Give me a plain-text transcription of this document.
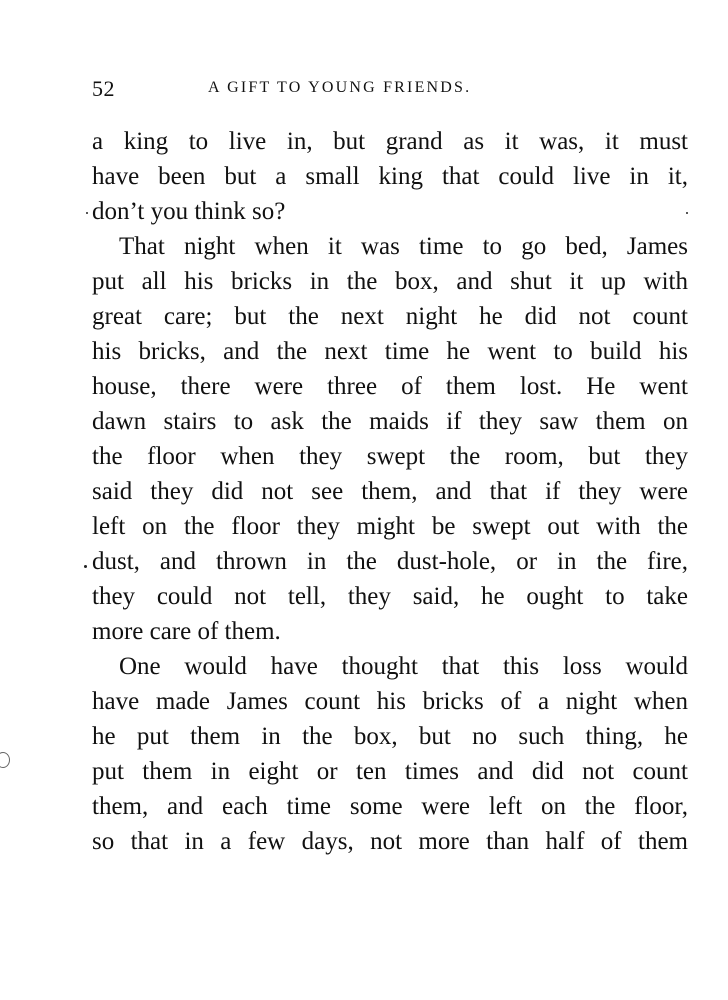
52	A GIFT TO YOUNG FRIENDS.
a king to live in, but grand as it was, it must
have been but a small king that could live in it,
don’t you think so?
That night when it was time to go bed, James
put all his bricks in the box, and shut it up with
great care; but the next night he did not count
his bricks, and the next time he went to build his
house, there were three of them lost. He went
dawn stairs to ask the maids if they saw them on
the floor when they swept the room, but they
said they did not see them, and that if they were
left on the floor they might be swept out with the
dust, and thrown in the dust-hole, or in the fire,
they could not tell, they said, he ought to take
more care of them.
One would have thought that this loss would
have made James count his bricks of a night when
he put them in the box, but no such thing, he
put them in eight or ten times and did not count
them, and each time some were left on the floor,
so that in a few days, not more than half of them
